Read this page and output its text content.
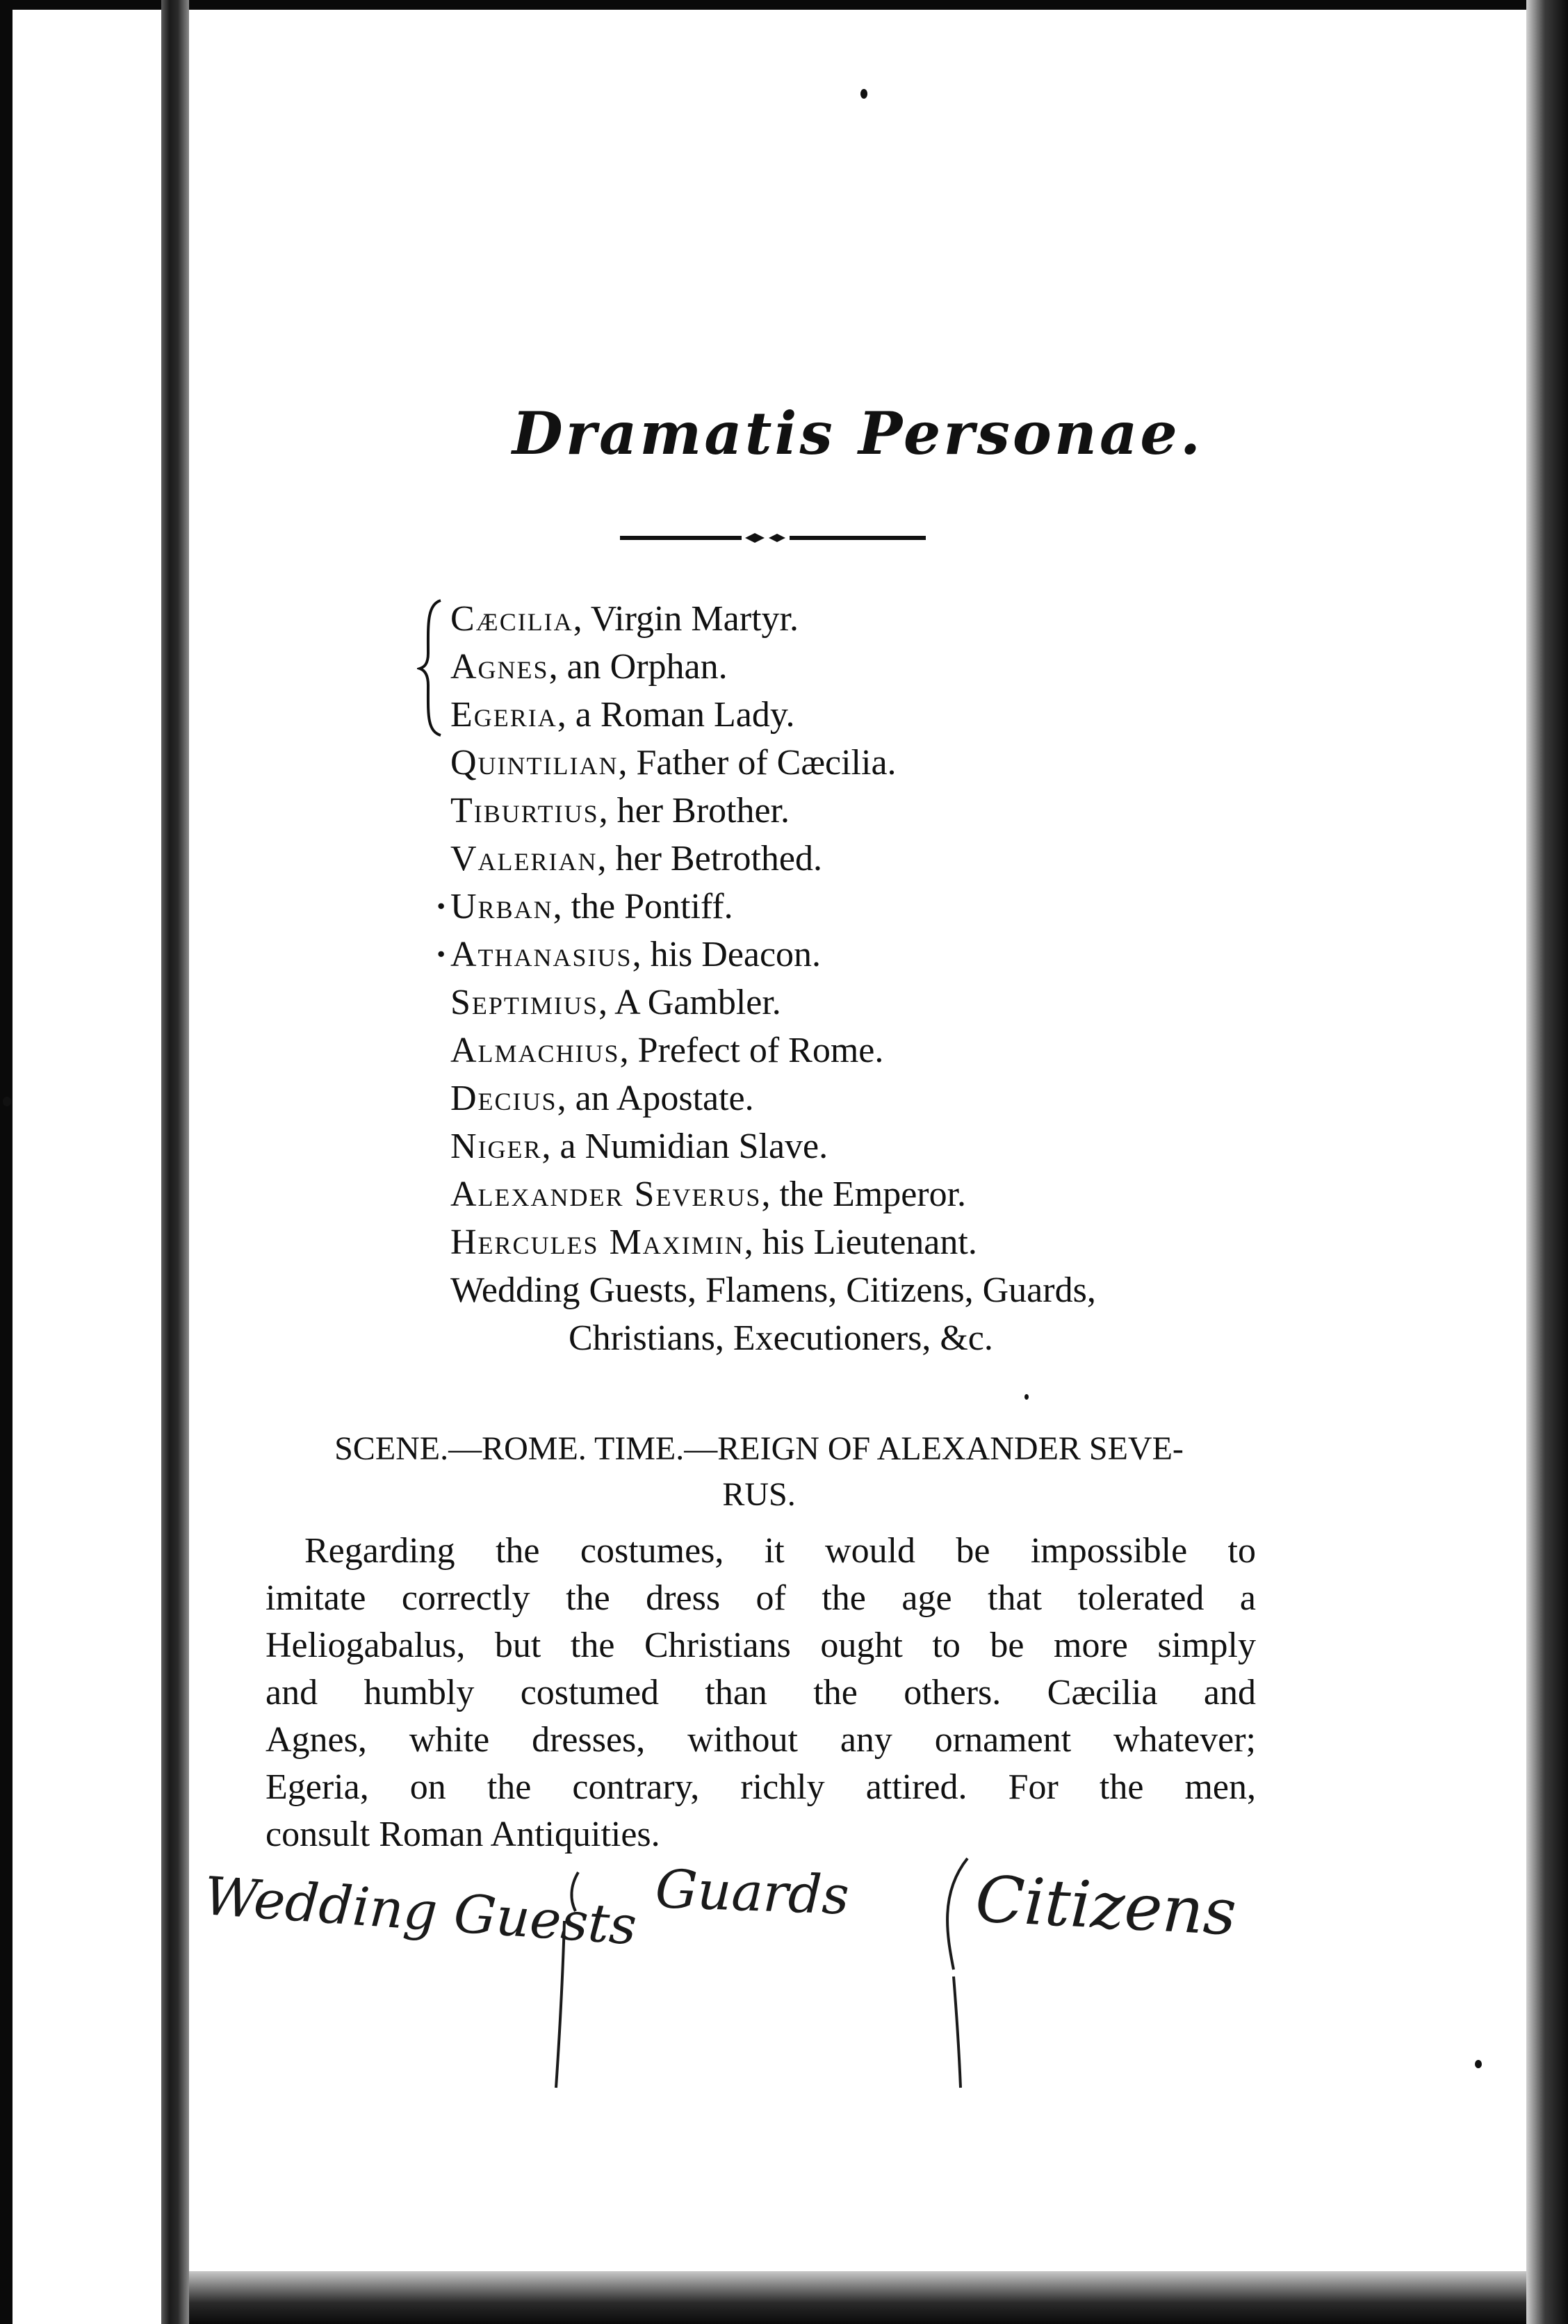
Dramatis Personae.
Cæcilia, Virgin Martyr.
Agnes, an Orphan.
Egeria, a Roman Lady.
Quintilian, Father of Cæcilia.
Tiburtius, her Brother.
Valerian, her Betrothed.
· Urban, the Pontiff.
· Athanasius, his Deacon.
Septimius, A Gambler.
Almachius, Prefect of Rome.
Decius, an Apostate.
Niger, a Numidian Slave.
Alexander Severus, the Emperor.
Hercules Maximin, his Lieutenant.
Wedding Guests, Flamens, Citizens, Guards,
Christians, Executioners, &c.
SCENE.—ROME. TIME.—REIGN OF ALEXANDER SEVE-
RUS.

Regarding the costumes, it would be impossible to
imitate correctly the dress of the age that tolerated a
Heliogabalus, but the Christians ought to be more simply
and humbly costumed than the others. Cæcilia and
Agnes, white dresses, without any ornament whatever;
Egeria, on the contrary, richly attired. For the men,
consult Roman Antiquities.

Wedding Guests Guards Citizens
